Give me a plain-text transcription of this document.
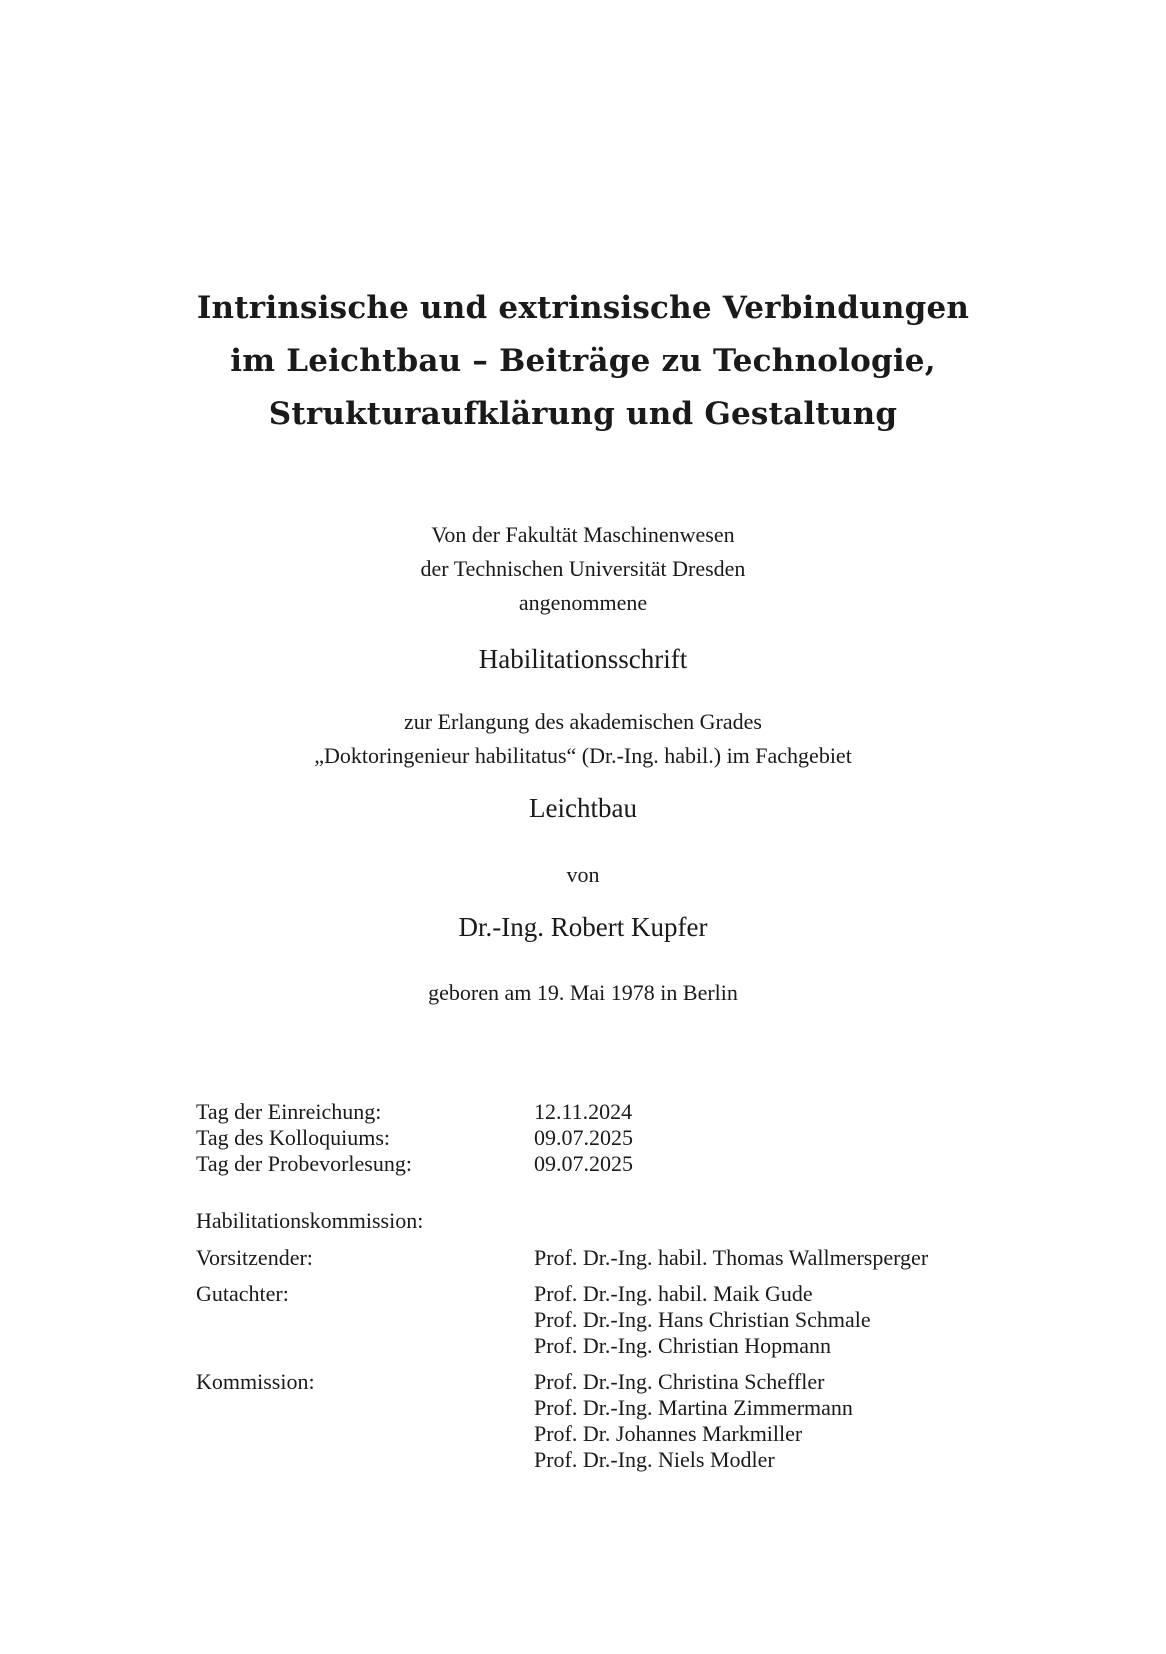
Intrinsische und extrinsische Verbindungen
im Leichtbau – Beiträge zu Technologie,
Strukturaufklärung und Gestaltung
Von der Fakultät Maschinenwesen
der Technischen Universität Dresden
angenommene
Habilitationsschrift
zur Erlangung des akademischen Grades
„Doktoringenieur habilitatus“ (Dr.-Ing. habil.) im Fachgebiet
Leichtbau
von
Dr.-Ing. Robert Kupfer
geboren am 19. Mai 1978 in Berlin
Tag der Einreichung:	12.11.2024
Tag des Kolloquiums:	09.07.2025
Tag der Probevorlesung:	09.07.2025
Habilitationskommission:
Vorsitzender:	Prof. Dr.-Ing. habil. Thomas Wallmersperger
Gutachter:	Prof. Dr.-Ing. habil. Maik Gude
Prof. Dr.-Ing. Hans Christian Schmale
Prof. Dr.-Ing. Christian Hopmann
Kommission:	Prof. Dr.-Ing. Christina Scheffler
Prof. Dr.-Ing. Martina Zimmermann
Prof. Dr. Johannes Markmiller
Prof. Dr.-Ing. Niels Modler
